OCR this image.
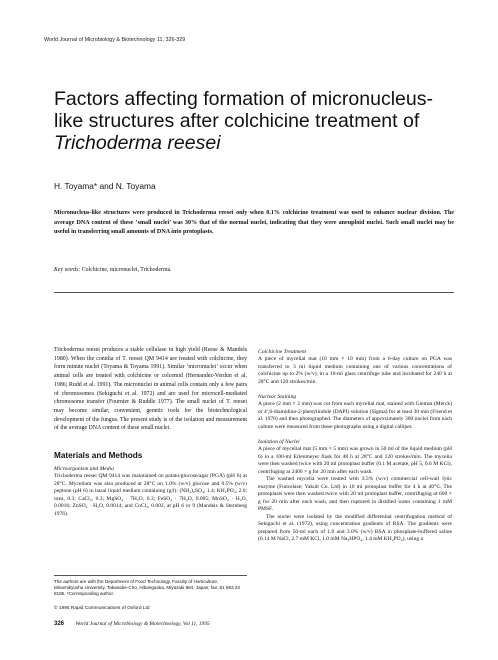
World Journal of Microbiology & Biotechnology 11, 326-329
Factors affecting formation of micronucleus-like structures after colchicine treatment of Trichoderma reesei
H. Toyama* and N. Toyama

Micronucleus-like structures were produced in Trichoderma reesei only when 0.1% colchicine treatment was used to enhance nuclear division. The average DNA content of these ‘small nuclei’ was 30% that of the normal nuclei, indicating that they were aneuploid nuclei. Such small nuclei may be useful in transferring small amounts of DNA into protoplasts.

Key words: Colchicine, micronuclei, Trichoderma.

Trichoderma reesei produces a stable cellulase in high yield (Reese & Mandels 1980). When the conidia of T. reesei QM 9414 are treated with colchicine, they form minute nuclei (Toyama & Toyama 1991). Similar ‘micronuclei’ occur when animal cells are treated with colchicine or colcemid (Hernandez-Verdun et al. 1986; Rudd et al. 1991). The micronuclei in animal cells contain only a few pairs of chromosomes (Sekiguchi et al. 1972) and are used for microcell-mediated chromosome transfer (Fournier & Ruddle 1977). The small nuclei of T. reesei may become similar, convenient, genetic tools for the biotechnological development of the fungus. The present study is of the isolation and measurement of the average DNA content of these small nuclei.

Materials and Methods
Microorganism and Media

Trichoderma reesei QM 9414 was maintained on potato/glucose/agar (PGA) (pH 6) at 28°C. Mycelium was also produced at 28°C on 1.0% (w/v) glucose and 0.5% (w/v) peptone (pH 6) in basal liquid medium containing (g/l): (NH₄)₂SO₄, 1.4; KH₂PO₄, 2.0; urea, 0.3; CaCl₂, 0.3; MgSO₄ · 7H₂O, 0.3; FeSO₄ · 7H₂O, 0.005; MnSO₄ · H₂O, 0.0016; ZnSO₄ · H₂O, 0.0014; and CoCl₂, 0.002, at pH 6 or 9 (Mandels & Sternberg 1976).

The authors are with the Department of Food Technology, Faculty of Horticulture, Minamikyushu University, Takanabe-Cho, Hibarigaoka, Miyazaki 884, Japan; fax: 81 983 23 8185. *Corresponding author.

© 1995 Rapid Communications of Oxford Ltd
Colchicine Treatment

A piece of mycelial mat (10 mm × 10 mm) from a 6-day culture on PGA was transferred to 3 ml liquid medium containing one of various concentrations of colchicine up to 2% (w/v), in a 10-ml glass centrifuge tube and incubated for 240 h at 28°C and 120 strokes/min.

Nuclear Staining

A piece (2 mm × 2 mm) was cut from each mycelial mat, stained with Giemsa (Merck) or 4′,6-diamidino-2-phenylindole (DAPI) solution (Sigma) for at least 30 min (Friend et al. 1976) and then photographed. The diameters of approximately 300 nuclei from each culture were measured from these photographs using a digital calliper.

Isolation of Nuclei

A piece of mycelial mat (5 mm × 5 mm) was grown in 50 ml of the liquid medium (pH 6) in a 100-ml Erlenmeyer flask for 48 h at 28°C and 120 strokes/min. The mycelia were then washed twice with 20 ml protoplast buffer (0.1 M acetate, pH 5, 0.6 M KCl), centrifuging at 2400 × g for 20 min after each wash.

The washed mycelia were treated with 3.5% (w/v) commercial cell-wall lytic enzyme (Funcelase; Yakult Co. Ltd) in 10 ml protoplast buffer for 4 h at 40°C. The protoplasts were then washed twice with 20 ml protoplast buffer, centrifuging at 600 × g for 20 min after each wash, and then ruptured in distilled water containing 1 mM PMSF.

The nuclei were isolated by the modified differential centrifugation method of Sekiguchi et al. (1972), using concentration gradients of BSA. The gradients were prepared from 50-ml each of 1.0 and 3.0% (w/v) BSA in phosphate-buffered saline (0.14 M NaCl, 2.7 mM KCl, 1.0 mM Na₂HPO₄, 1.4 mM KH₂PO₄), using a

326 World Journal of Microbiology & Biotechnology, Vol 11, 1995
